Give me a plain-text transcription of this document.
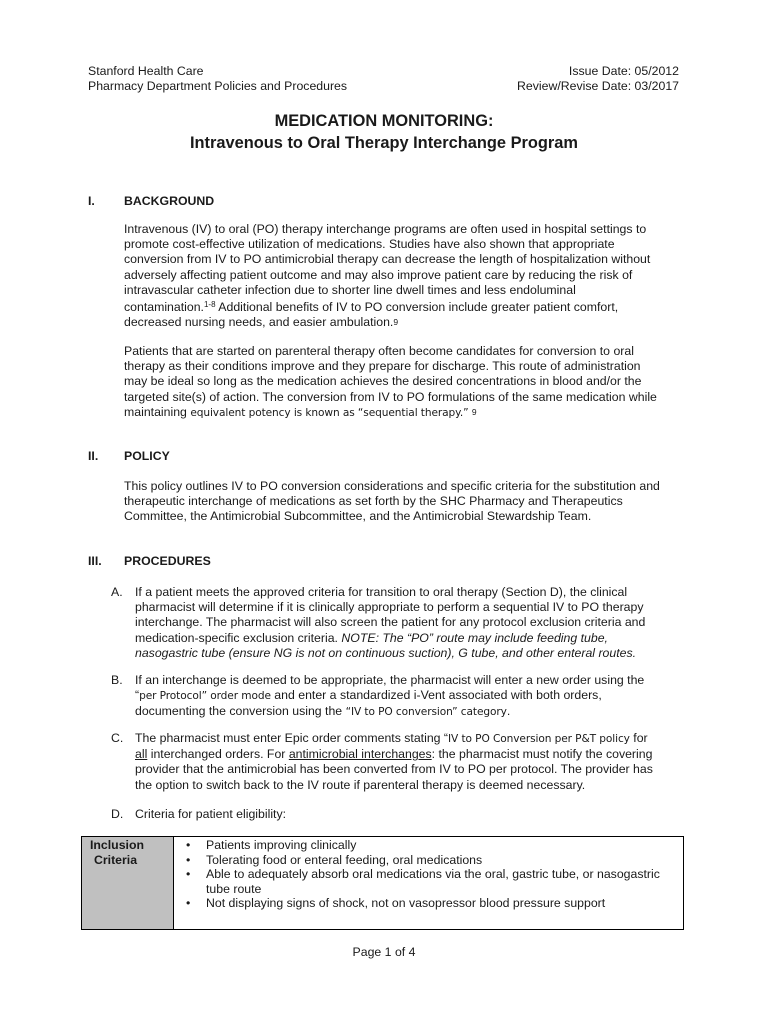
Stanford Health Care
Pharmacy Department Policies and Procedures
Issue Date: 05/2012
Review/Revise Date: 03/2017
MEDICATION MONITORING:
Intravenous to Oral Therapy Interchange Program
I. BACKGROUND
Intravenous (IV) to oral (PO) therapy interchange programs are often used in hospital settings to
promote cost-effective utilization of medications. Studies have also shown that appropriate
conversion from IV to PO antimicrobial therapy can decrease the length of hospitalization without
adversely affecting patient outcome and may also improve patient care by reducing the risk of
intravascular catheter infection due to shorter line dwell times and less endoluminal
contamination.$^{1-8}$ Additional benefits of IV to PO conversion include greater patient comfort,
decreased nursing needs, and easier ambulation.9
Patients that are started on parenteral therapy often become candidates for conversion to oral
therapy as their conditions improve and they prepare for discharge. This route of administration
may be ideal so long as the medication achieves the desired concentrations in blood and/or the
targeted site(s) of action. The conversion from IV to PO formulations of the same medication while
maintaining equivalent potency is known as “sequential therapy.” 9
II. POLICY
This policy outlines IV to PO conversion considerations and specific criteria for the substitution and
therapeutic interchange of medications as set forth by the SHC Pharmacy and Therapeutics
Committee, the Antimicrobial Subcommittee, and the Antimicrobial Stewardship Team.
III. PROCEDURES
A. If a patient meets the approved criteria for transition to oral therapy (Section D), the clinical
pharmacist will determine if it is clinically appropriate to perform a sequential IV to PO therapy
interchange. The pharmacist will also screen the patient for any protocol exclusion criteria and
medication-specific exclusion criteria. NOTE: The “PO” route may include feeding tube,
nasogastric tube (ensure NG is not on continuous suction), G tube, and other enteral routes.
B. If an interchange is deemed to be appropriate, the pharmacist will enter a new order using the
“per Protocol” order mode and enter a standardized i-Vent associated with both orders,
documenting the conversion using the “IV to PO conversion” category.
C. The pharmacist must enter Epic order comments stating “IV to PO Conversion per P&T policy for
all interchanged orders. For antimicrobial interchanges: the pharmacist must notify the covering
provider that the antimicrobial has been converted from IV to PO per protocol. The provider has
the option to switch back to the IV route if parenteral therapy is deemed necessary.
D. Criteria for patient eligibility:
Inclusion
Criteria
• Patients improving clinically
• Tolerating food or enteral feeding, oral medications
• Able to adequately absorb oral medications via the oral, gastric tube, or nasogastric
tube route
• Not displaying signs of shock, not on vasopressor blood pressure support
Page 1 of 4
